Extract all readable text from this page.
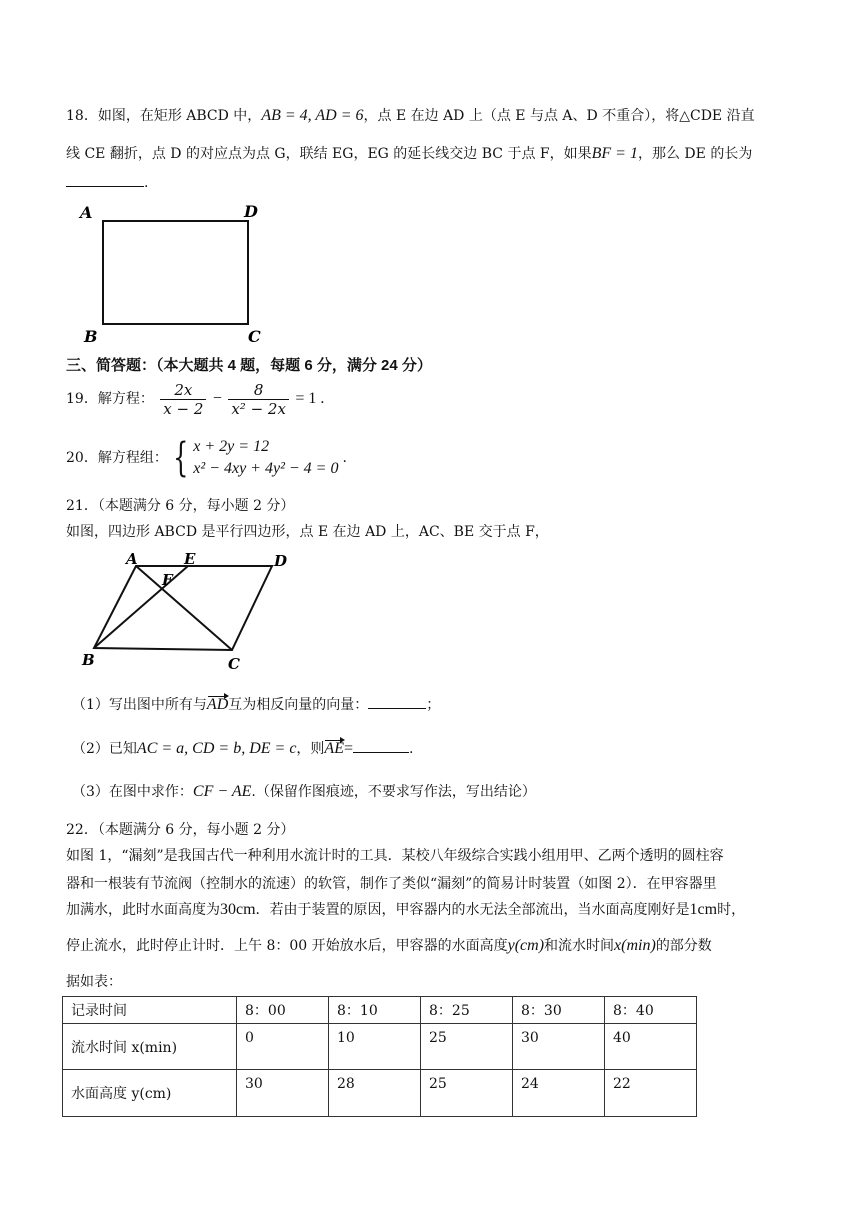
18．如图，在矩形 ABCD 中，AB = 4, AD = 6，点 E 在边 AD 上（点 E 与点 A、D 不重合），将△CDE 沿直
线 CE 翻折，点 D 的对应点为点 G，联结 EG，EG 的延长线交边 BC 于点 F，如果BF = 1，那么 DE 的长为
.
A	D
B	C
三、简答题：（本大题共 4 题，每题 6 分，满分 24 分）
19．解方程： $\frac{2x}{x - 2} - \frac{8}{\text{x² − 2x}} = 1$ .
20．解方程组： { x + 2y = 12
x² − 4xy + 4y² − 4 = 0
.
21．（本题满分 6 分，每小题 2 分）
如图，四边形 ABCD 是平行四边形，点 E 在边 AD 上，AC、BE 交于点 F，
A	E	D
F
B	C
（1）写出图中所有与AD互为相反向量的向量：	；
（2）已知AC = a, CD = b, DE = c，则AE=	.
（3）在图中求作：CF − AE.（保留作图痕迹，不要求写作法，写出结论）
22．（本题满分 6 分，每小题 2 分）
如图 1，“漏刻”是我国古代一种利用水流计时的工具．某校八年级综合实践小组用甲、乙两个透明的圆柱容
器和一根装有节流阀（控制水的流速）的软管，制作了类似“漏刻”的简易计时装置（如图 2）．在甲容器里
加满水，此时水面高度为30cm．若由于装置的原因，甲容器内的水无法全部流出，当水面高度刚好是1cm时，
停止流水，此时停止计时．上午 8：00 开始放水后，甲容器的水面高度y(cm)和流水时间x(min)的部分数
据如表：
记录时间	8：00	8：10	8：25	8：30	8：40
流水时间 x(min)	0	10	25	30	40
水面高度 y(cm)	30	28	25	24	22
